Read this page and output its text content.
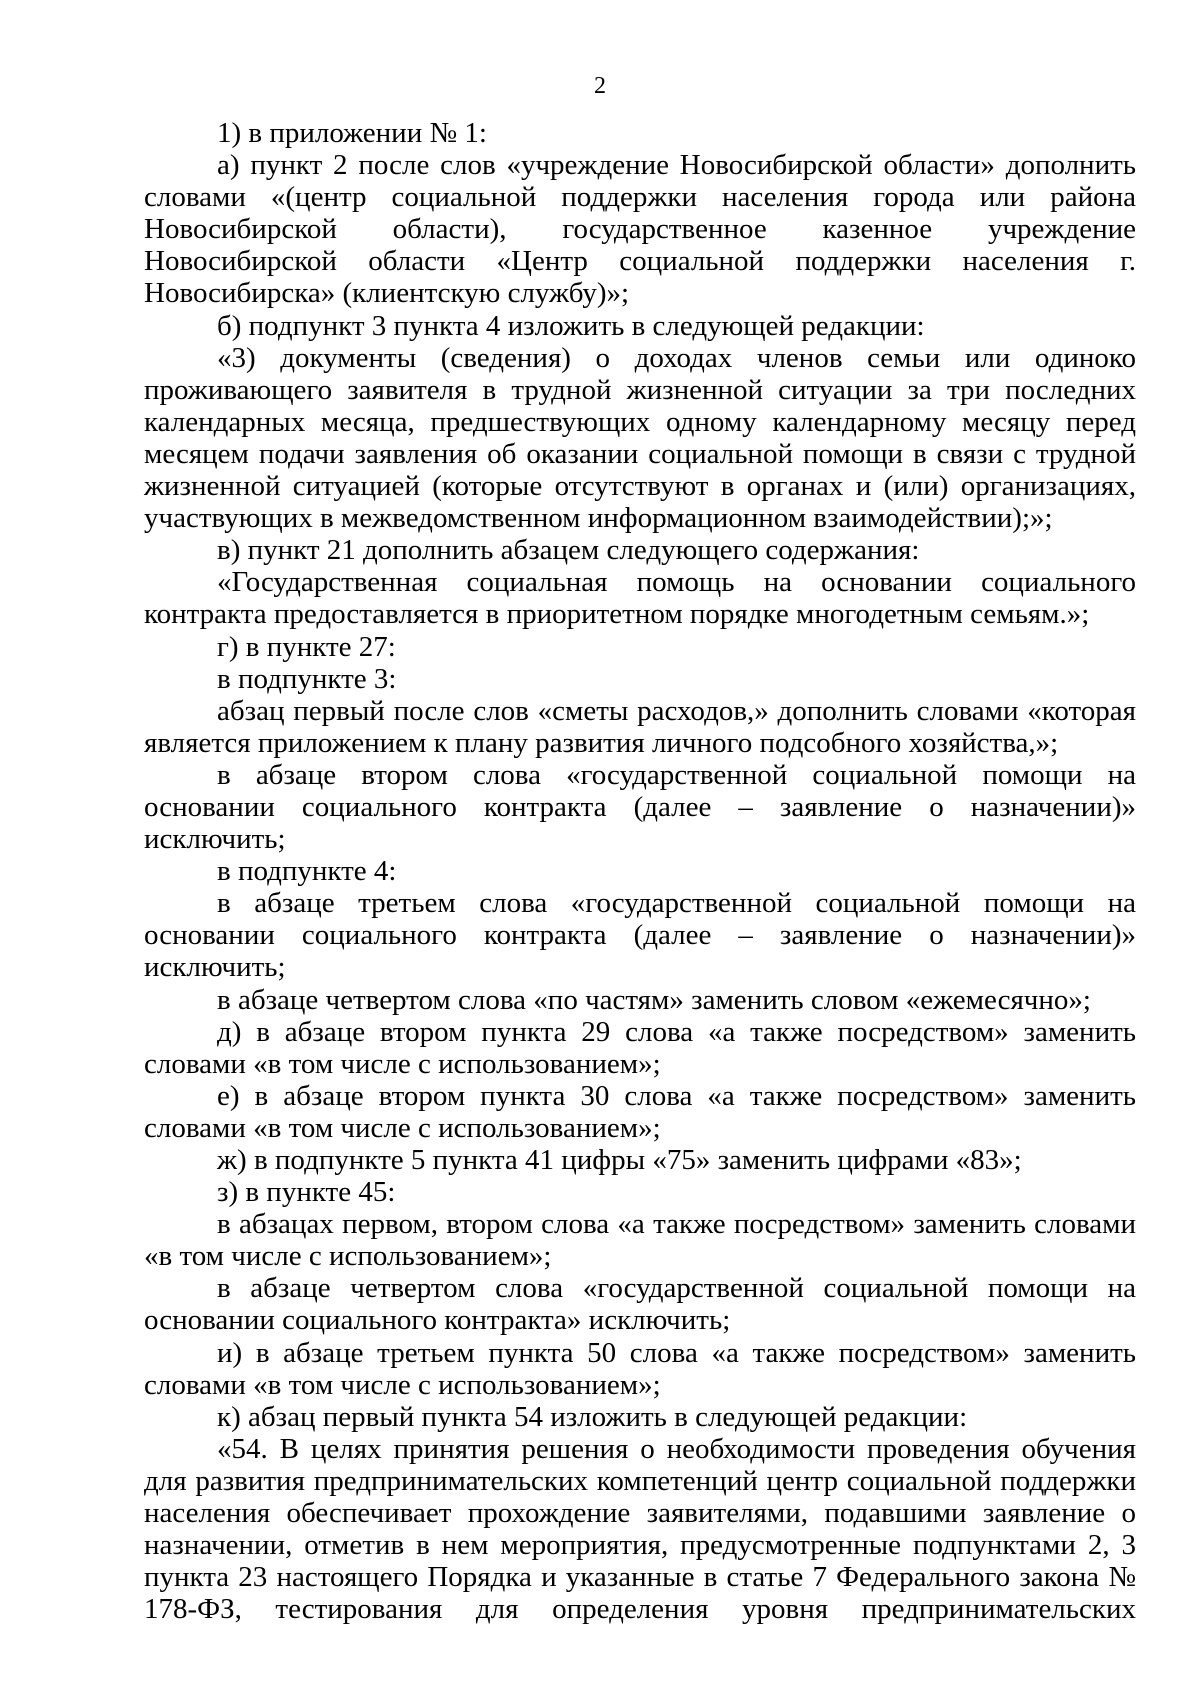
2

1) в приложении № 1:

а) пункт 2 после слов «учреждение Новосибирской области» дополнить словами «(центр социальной поддержки населения города или района Новосибирской области), государственное казенное учреждение Новосибирской области «Центр социальной поддержки населения г. Новосибирска» (клиентскую службу)»;

б) подпункт 3 пункта 4 изложить в следующей редакции:

«3) документы (сведения) о доходах членов семьи или одиноко проживающего заявителя в трудной жизненной ситуации за три последних календарных месяца, предшествующих одному календарному месяцу перед месяцем подачи заявления об оказании социальной помощи в связи с трудной жизненной ситуацией (которые отсутствуют в органах и (или) организациях, участвующих в межведомственном информационном взаимодействии);»;

в) пункт 21 дополнить абзацем следующего содержания:

«Государственная социальная помощь на основании социального контракта предоставляется в приоритетном порядке многодетным семьям.»;

г) в пункте 27:

в подпункте 3:

абзац первый после слов «сметы расходов,» дополнить словами «которая является приложением к плану развития личного подсобного хозяйства,»;

в абзаце втором слова «государственной социальной помощи на основании социального контракта (далее – заявление о назначении)» исключить;

в подпункте 4:

в абзаце третьем слова «государственной социальной помощи на основании социального контракта (далее – заявление о назначении)» исключить;

в абзаце четвертом слова «по частям» заменить словом «ежемесячно»;

д) в абзаце втором пункта 29 слова «а также посредством» заменить словами «в том числе с использованием»;

е) в абзаце втором пункта 30 слова «а также посредством» заменить словами «в том числе с использованием»;

ж) в подпункте 5 пункта 41 цифры «75» заменить цифрами «83»;

з) в пункте 45:

в абзацах первом, втором слова «а также посредством» заменить словами «в том числе с использованием»;

в абзаце четвертом слова «государственной социальной помощи на основании социального контракта» исключить;

и) в абзаце третьем пункта 50 слова «а также посредством» заменить словами «в том числе с использованием»;

к) абзац первый пункта 54 изложить в следующей редакции:

«54. В целях принятия решения о необходимости проведения обучения для развития предпринимательских компетенций центр социальной поддержки населения обеспечивает прохождение заявителями, подавшими заявление о назначении, отметив в нем мероприятия, предусмотренные подпунктами 2, 3 пункта 23 настоящего Порядка и указанные в статье 7 Федерального закона № 178-ФЗ, тестирования для определения уровня предпринимательских
